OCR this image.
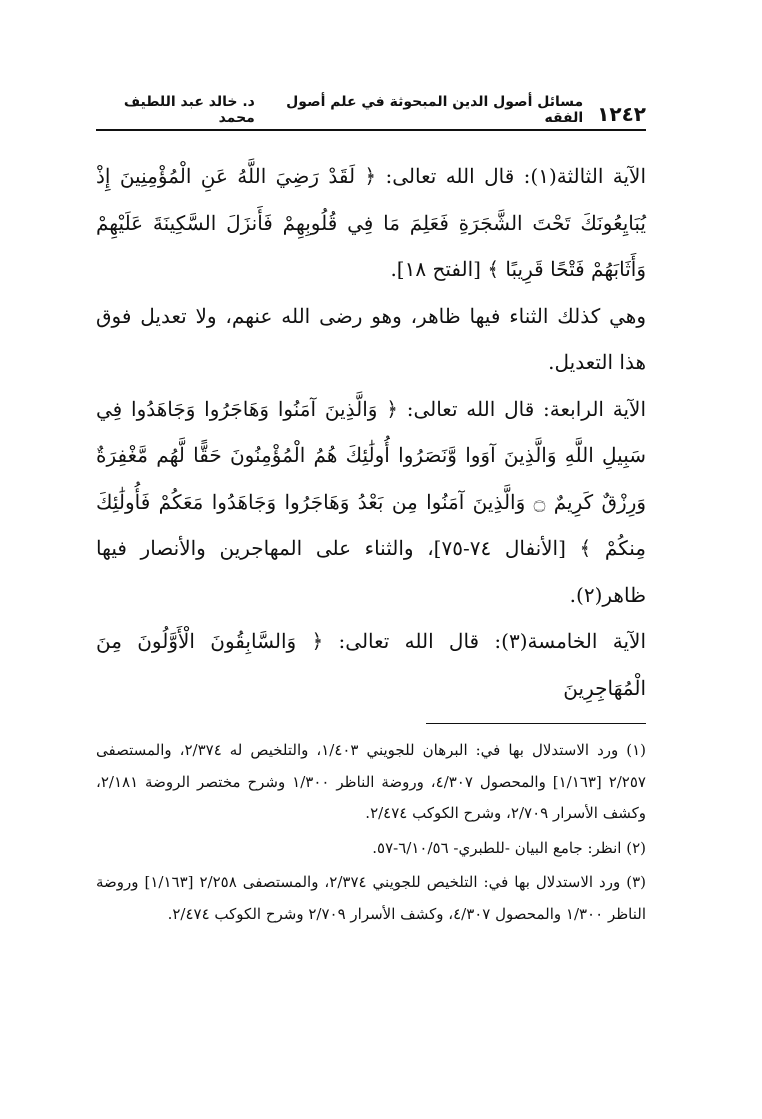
١٢٤٢
مسائل أصول الدين المبحوثة في علم أصول الفقه
د. خالد عبد اللطيف محمد

الآية الثالثة(١): قال الله تعالى: ﴿ لَقَدْ رَضِيَ اللَّهُ عَنِ الْمُؤْمِنِينَ إِذْ يُبَايِعُونَكَ تَحْتَ الشَّجَرَةِ فَعَلِمَ مَا فِي قُلُوبِهِمْ فَأَنزَلَ السَّكِينَةَ عَلَيْهِمْ وَأَثَابَهُمْ فَتْحًا قَرِيبًا ﴾ [الفتح ١٨].

وهي كذلك الثناء فيها ظاهر، وهو رضى الله عنهم، ولا تعديل فوق هذا التعديل.

الآية الرابعة: قال الله تعالى: ﴿ وَالَّذِينَ آمَنُوا وَهَاجَرُوا وَجَاهَدُوا فِي سَبِيلِ اللَّهِ وَالَّذِينَ آوَوا وَّنَصَرُوا أُولَٰئِكَ هُمُ الْمُؤْمِنُونَ حَقًّا لَّهُم مَّغْفِرَةٌ وَرِزْقٌ كَرِيمٌ ۝ وَالَّذِينَ آمَنُوا مِن بَعْدُ وَهَاجَرُوا وَجَاهَدُوا مَعَكُمْ فَأُولَٰئِكَ مِنكُمْ ﴾ [الأنفال ٧٤-٧٥]، والثناء على المهاجرين والأنصار فيها ظاهر(٢).

الآية الخامسة(٣): قال الله تعالى: ﴿ وَالسَّابِقُونَ الْأَوَّلُونَ مِنَ الْمُهَاجِرِينَ

(١) ورد الاستدلال بها في: البرهان للجويني ١/٤٠٣، والتلخيص له ٢/٣٧٤، والمستصفى ٢/٢٥٧ [١/١٦٣] والمحصول ٤/٣٠٧، وروضة الناظر ١/٣٠٠ وشرح مختصر الروضة ٢/١٨١، وكشف الأسرار ٢/٧٠٩، وشرح الكوكب ٢/٤٧٤.

(٢) انظر: جامع البيان -للطبري- ٦/١٠/٥٦-٥٧.

(٣) ورد الاستدلال بها في: التلخيص للجويني ٢/٣٧٤، والمستصفى ٢/٢٥٨ [١/١٦٣] وروضة الناظر ١/٣٠٠ والمحصول ٤/٣٠٧، وكشف الأسرار ٢/٧٠٩ وشرح الكوكب ٢/٤٧٤.
